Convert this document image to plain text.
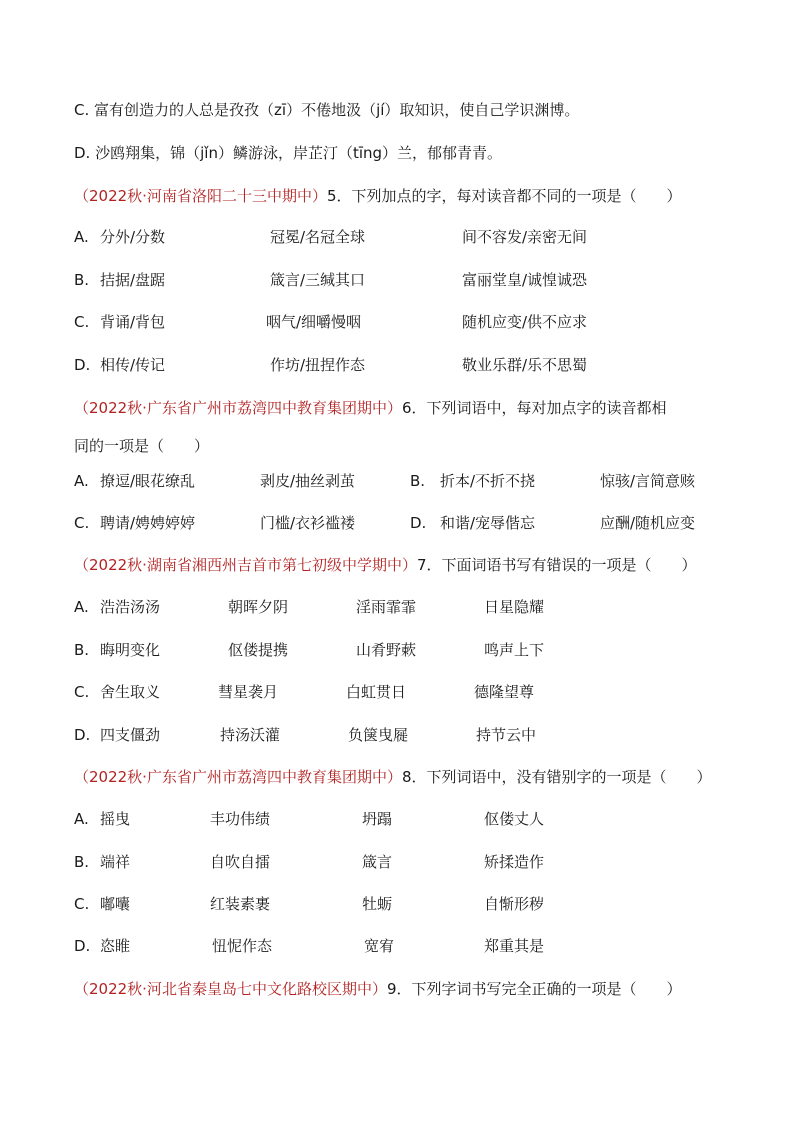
C. 富有创造力的人总是孜孜（zī）不倦地汲（jí）取知识，使自己学识渊博。
D. 沙鸥翔集，锦（jǐn）鳞游泳，岸芷汀（tīng）兰，郁郁青青。
（2022秋·河南省洛阳二十三中期中）5．下列加点的字，每对读音都不同的一项是（　　）
A. 分外/分数	冠冕/名冠全球	间不容发/亲密无间
B. 拮据/盘踞	箴言/三缄其口	富丽堂皇/诚惶诚恐
C. 背诵/背包	咽气/细嚼慢咽	随机应变/供不应求
D. 相传/传记	作坊/扭捏作态	敬业乐群/乐不思蜀
（2022秋·广东省广州市荔湾四中教育集团期中）6．下列词语中，每对加点字的读音都相
同的一项是（　　）
A. 撩逗/眼花缭乱	剥皮/抽丝剥茧	B. 折本/不折不挠	惊骇/言简意赅
C. 聘请/娉娉婷婷	门槛/衣衫褴褛	D. 和谐/宠辱偕忘	应酬/随机应变
（2022秋·湖南省湘西州吉首市第七初级中学期中）7．下面词语书写有错误的一项是（　　）
A. 浩浩汤汤	朝晖夕阴	淫雨霏霏	日星隐耀
B. 晦明变化	伛偻提携	山肴野蔌	鸣声上下
C. 舍生取义	彗星袭月	白虹贯日	德隆望尊
D. 四支僵劲	持汤沃灌	负箧曳屣	持节云中
（2022秋·广东省广州市荔湾四中教育集团期中）8．下列词语中，没有错别字的一项是（　　）
A. 摇曳	丰功伟绩	坍蹋	伛偻丈人
B. 端祥	自吹自擂	箴言	矫揉造作
C. 嘟囔	红装素裹	牡蛎	自惭形秽
D. 恣睢	忸怩作态	宽宥	郑重其是
（2022秋·河北省秦皇岛七中文化路校区期中）9．下列字词书写完全正确的一项是（　　）
